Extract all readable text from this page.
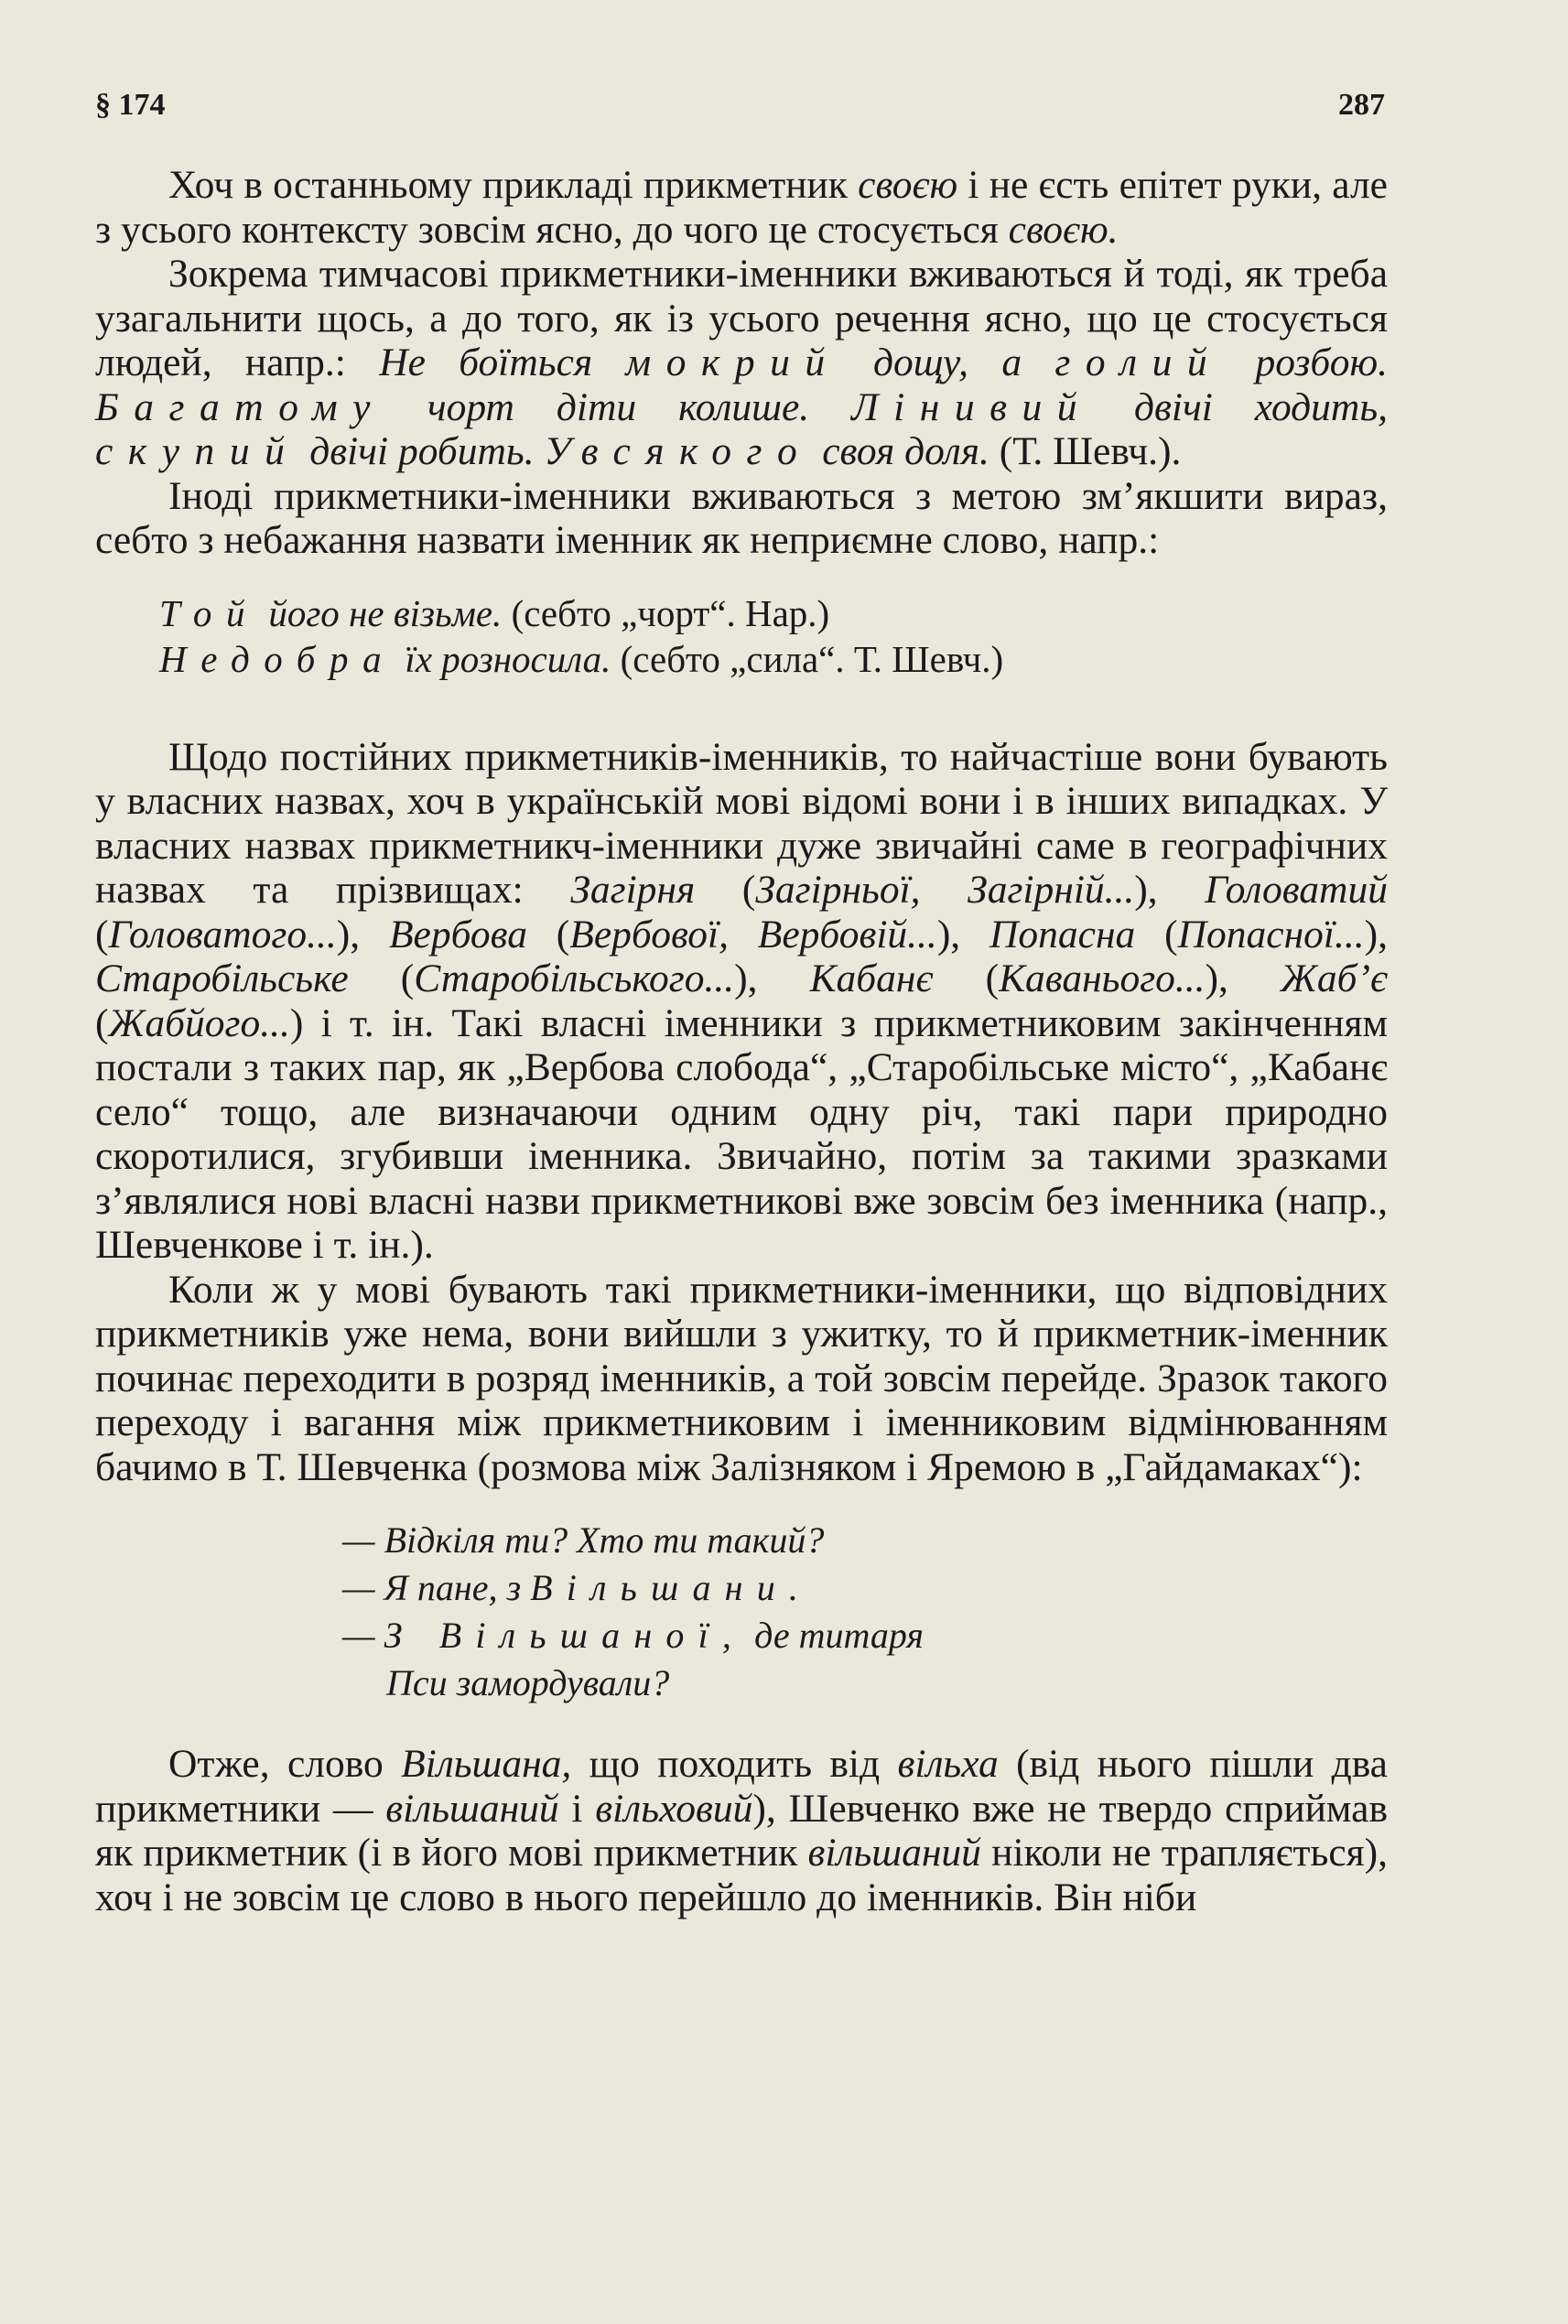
§ 174	287

Хоч в останньому прикладі прикметник своєю і не єсть епітет руки, але з усього контексту зовсім ясно, до чого це стосується своєю.

Зокрема тимчасові прикметники-іменники вживаються й тоді, як треба узагальнити щось, а до того, як із усього речення ясно, що це стосується людей, напр.: Не боїться мокрий дощу, а голий розбою. Багатому чорт діти колише. Лінивий двічі ходить, скупий двічі робить. У всякого своя доля. (Т. Шевч.).

Іноді прикметники-іменники вживаються з метою зм’якшити вираз, себто з небажання назвати іменник як неприємне слово, напр.:

Той його не візьме. (себто „чорт“. Нар.)

Недобра їх розносила. (себто „сила“. Т. Шевч.)

Щодо постійних прикметників-іменників, то найчастіше вони бувають у власних назвах, хоч в українській мові відомі вони і в інших випадках. У власних назвах прикметникч-іменники дуже звичайні саме в географічних назвах та прізвищах: Загірня (Загірньої, Загірній...), Головатий (Головатого...), Вербова (Вербової, Вербовій...), Попасна (Попасної...), Старобільське (Старобільського...), Кабанє (Каванього...), Жаб’є (Жабйого...) і т. ін. Такі власні іменники з прикметниковим закінченням постали з таких пар, як „Вербова слобода“, „Старобільське місто“, „Кабанє село“ тощо, але визначаючи одним одну річ, такі пари природно скоротилися, згубивши іменника. Звичайно, потім за такими зразками з’являлися нові власні назви прикметникові вже зовсім без іменника (напр., Шевченкове і т. ін.).

Коли ж у мові бувають такі прикметники-іменники, що відповідних прикметників уже нема, вони вийшли з ужитку, то й прикметник-іменник починає переходити в розряд іменників, а той зовсім перейде. Зразок такого переходу і вагання між прикметниковим і іменниковим відмінюванням бачимо в Т. Шевченка (розмова між Залізняком і Яремою в „Гайдамаках“):

— Відкіля ти? Хто ти такий?

— Я пане, з Вільшани.

— З Вільшаної, де титаря

Пси замордували?

Отже, слово Вільшана, що походить від вільха (від нього пішли два прикметники — вільшаний і вільховий), Шевченко вже не твердо сприймав як прикметник (і в його мові прикметник вільшаний ніколи не трапляється), хоч і не зовсім це слово в нього перейшло до іменників. Він ніби
